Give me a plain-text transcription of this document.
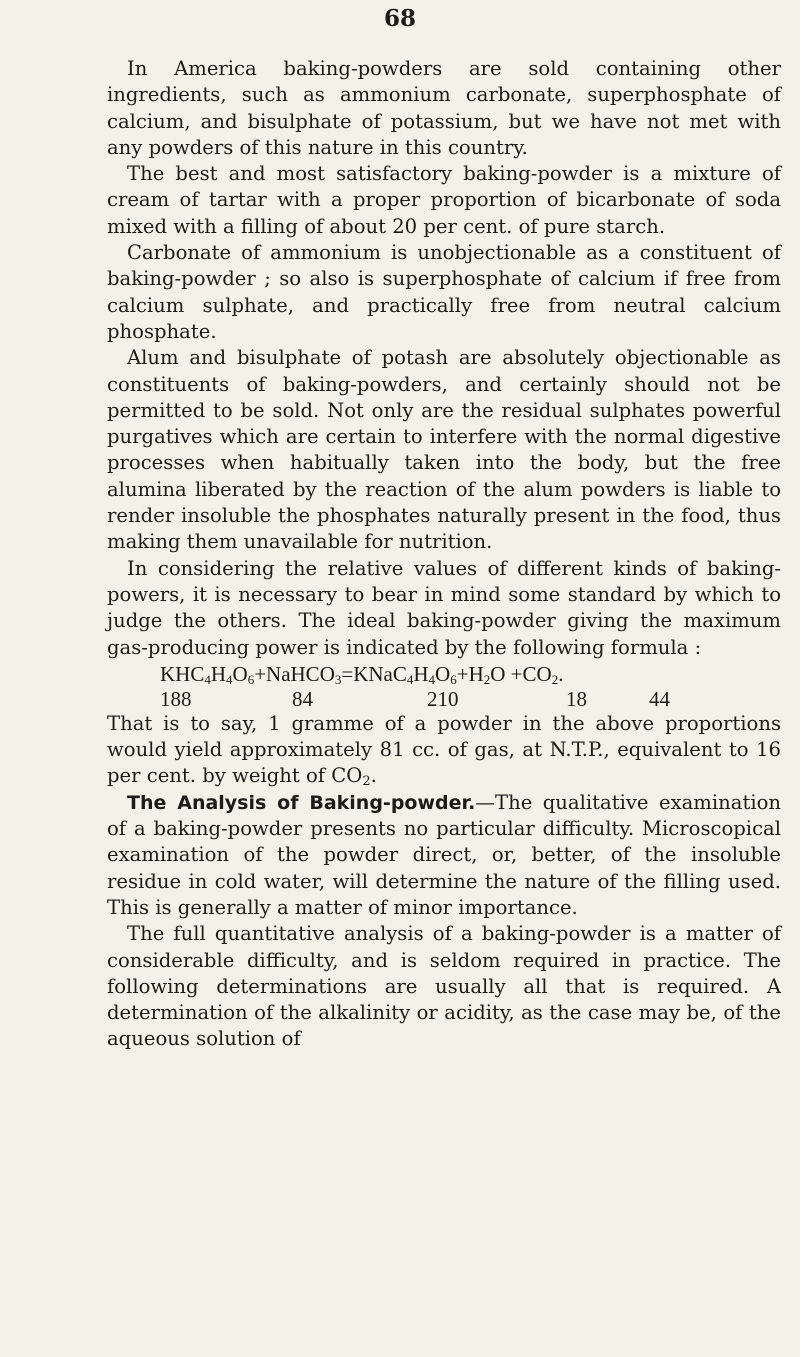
68

In America baking-powders are sold containing other ingredients, such as ammonium carbonate, superphosphate of calcium, and bisulphate of potassium, but we have not met with any powders of this nature in this country.

The best and most satisfactory baking-powder is a mixture of cream of tartar with a proper proportion of bicarbonate of soda mixed with a filling of about 20 per cent. of pure starch.

Carbonate of ammonium is unobjectionable as a constituent of baking-powder ; so also is superphosphate of calcium if free from calcium sulphate, and practically free from neutral calcium phosphate.

Alum and bisulphate of potash are absolutely objectionable as constituents of baking-powders, and certainly should not be permitted to be sold. Not only are the residual sulphates powerful purgatives which are certain to interfere with the normal digestive processes when habitually taken into the body, but the free alumina liberated by the reaction of the alum powders is liable to render insoluble the phosphates naturally present in the food, thus making them unavailable for nutrition.

In considering the relative values of different kinds of baking-powers, it is necessary to bear in mind some standard by which to judge the others. The ideal baking-powder giving the maximum gas-producing power is indicated by the following formula :

$KHC_4H_4O_6+NaHCO_3=KNaC_4H_4O_6+H_2O +CO_2$.

188	84	210	18	44

That is to say, 1 gramme of a powder in the above proportions would yield approximately 81 cc. of gas, at N.T.P., equivalent to 16 per cent. by weight of CO2.

The Analysis of Baking-powder.—The qualitative examination of a baking-powder presents no particular difficulty. Microscopical examination of the powder direct, or, better, of the insoluble residue in cold water, will determine the nature of the filling used. This is generally a matter of minor importance.

The full quantitative analysis of a baking-powder is a matter of considerable difficulty, and is seldom required in practice. The following determinations are usually all that is required. A determination of the alkalinity or acidity, as the case may be, of the aqueous solution of
